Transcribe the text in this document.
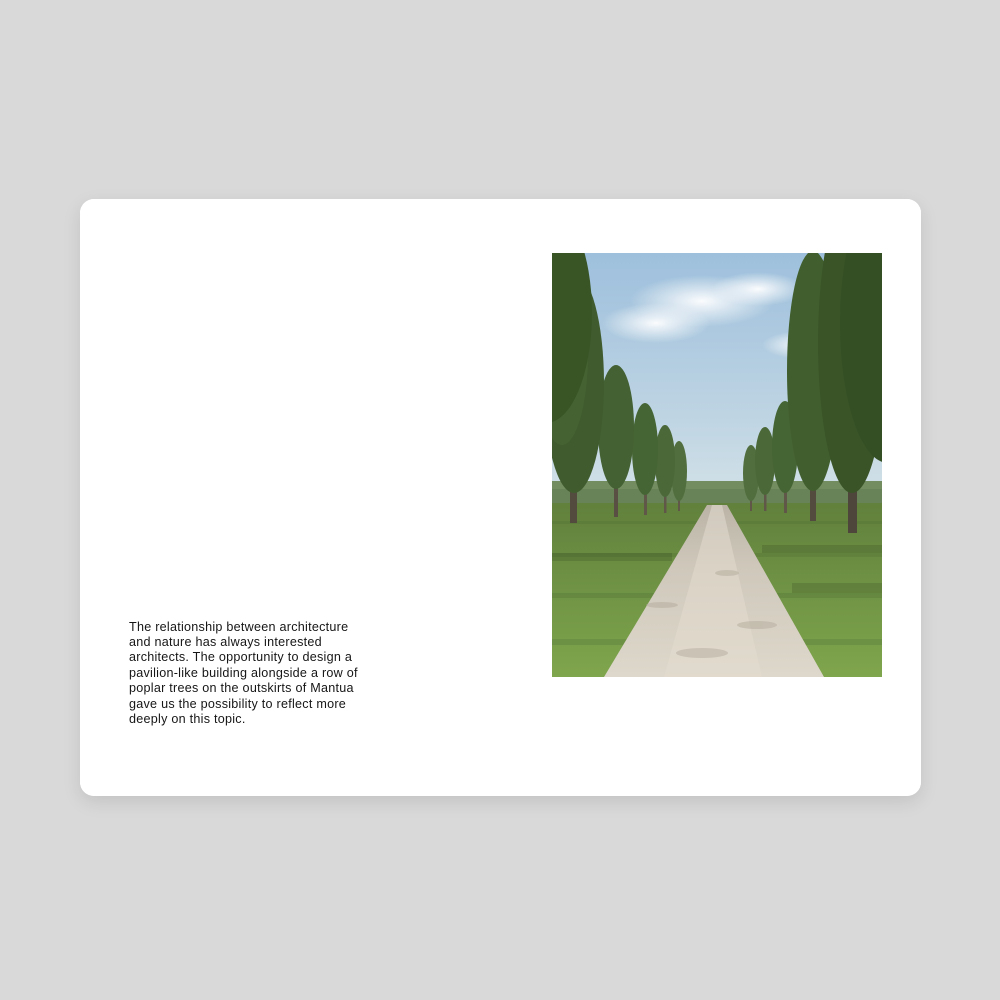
The relationship between architecture and nature has always interested architects. The opportunity to design a pavilion-like building alongside a row of poplar trees on the outskirts of Mantua gave us the possibility to reflect more deeply on this topic.
